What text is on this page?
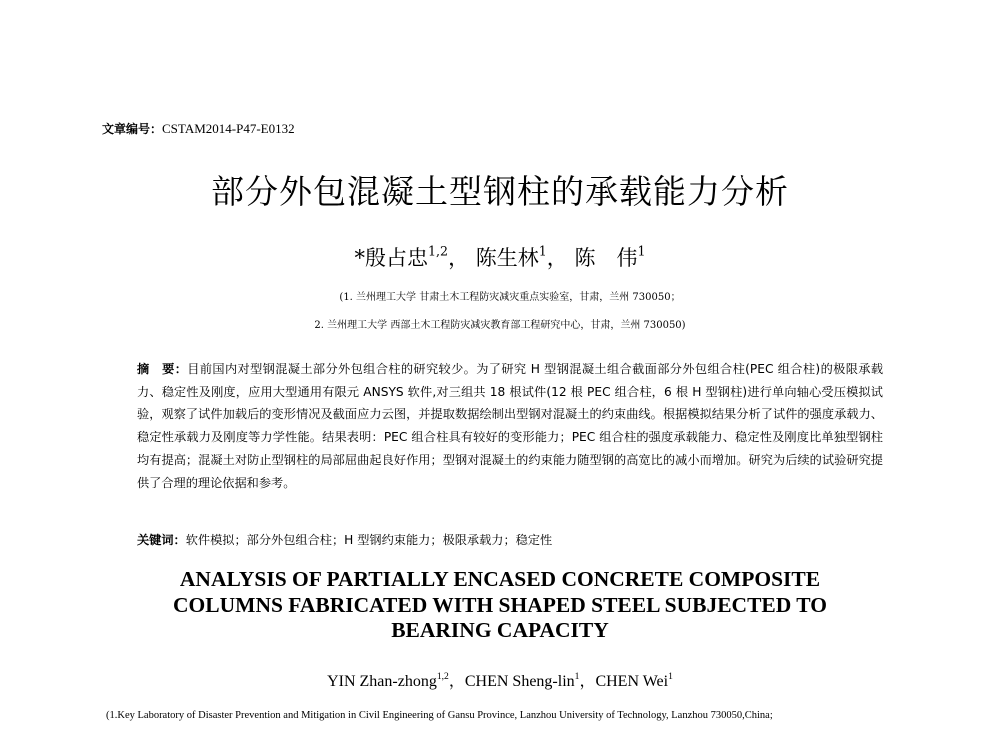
文章编号：CSTAM2014-P47-E0132
部分外包混凝土型钢柱的承载能力分析
*殷占忠$^{1,2}$， 陈生林$^1$， 陈　伟$^1$
(1. 兰州理工大学 甘肃土木工程防灾减灾重点实验室，甘肃，兰州 730050；
2. 兰州理工大学 西部土木工程防灾减灾教育部工程研究中心，甘肃，兰州 730050)
摘　要：目前国内对型钢混凝土部分外包组合柱的研究较少。为了研究 H 型钢混凝土组合截面部分外包组合柱(PEC 组合柱)的极限承载力、稳定性及刚度，应用大型通用有限元 ANSYS 软件,对三组共 18 根试件(12 根 PEC 组合柱，6 根 H 型钢柱)进行单向轴心受压模拟试验，观察了试件加载后的变形情况及截面应力云图，并提取数据绘制出型钢对混凝土的约束曲线。根据模拟结果分析了试件的强度承载力、稳定性承载力及刚度等力学性能。结果表明：PEC 组合柱具有较好的变形能力；PEC 组合柱的强度承载能力、稳定性及刚度比单独型钢柱均有提高；混凝土对防止型钢柱的局部屈曲起良好作用；型钢对混凝土的约束能力随型钢的高宽比的减小而增加。研究为后续的试验研究提供了合理的理论依据和参考。
关键词：软件模拟；部分外包组合柱；H 型钢约束能力；极限承载力；稳定性
ANALYSIS OF PARTIALLY ENCASED CONCRETE COMPOSITE
COLUMNS FABRICATED WITH SHAPED STEEL SUBJECTED TO
BEARING CAPACITY
YIN Zhan-zhong$^{1,2}$，CHEN Sheng-lin$^1$，CHEN Wei$^1$
(1.Key Laboratory of Disaster Prevention and Mitigation in Civil Engineering of Gansu Province, Lanzhou University of Technology, Lanzhou 730050,China;
